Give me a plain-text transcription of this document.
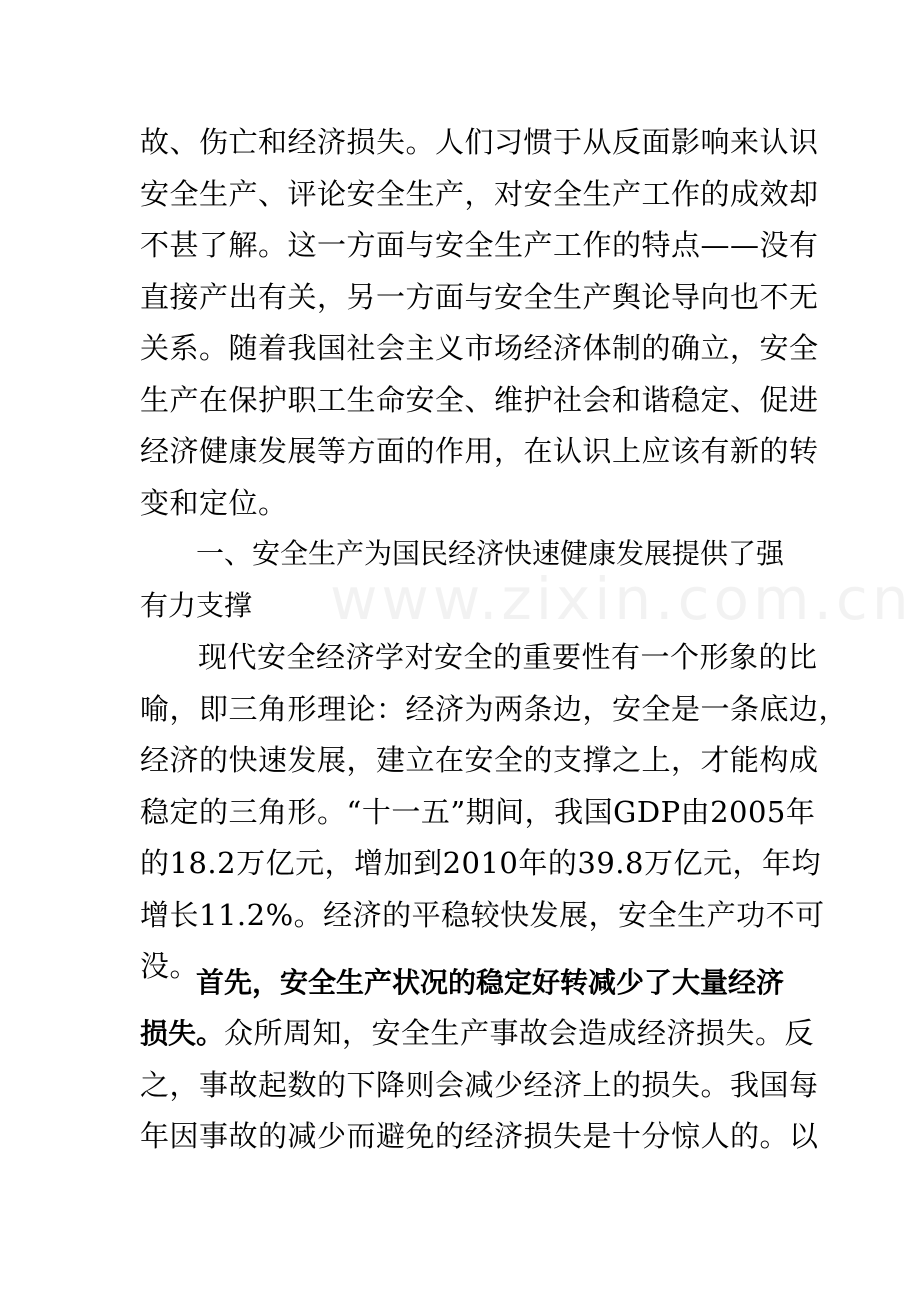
www.zixin.com.cn
故、伤亡和经济损失。人们习惯于从反面影响来认识
安全生产、评论安全生产，对安全生产工作的成效却
不甚了解。这一方面与安全生产工作的特点——没有
直接产出有关，另一方面与安全生产舆论导向也不无
关系。随着我国社会主义市场经济体制的确立，安全
生产在保护职工生命安全、维护社会和谐稳定、促进
经济健康发展等方面的作用，在认识上应该有新的转
变和定位。
一、安全生产为国民经济快速健康发展提供了强
有力支撑
现代安全经济学对安全的重要性有一个形象的比
喻，即三角形理论：经济为两条边，安全是一条底边，
经济的快速发展，建立在安全的支撑之上，才能构成
稳定的三角形。“十一五”期间，我国GDP由2005年
的18.2万亿元，增加到2010年的39.8万亿元，年均
增长11.2%。经济的平稳较快发展，安全生产功不可
没。
首先，安全生产状况的稳定好转减少了大量经济
损失。众所周知，安全生产事故会造成经济损失。反
之，事故起数的下降则会减少经济上的损失。我国每
年因事故的减少而避免的经济损失是十分惊人的。以
